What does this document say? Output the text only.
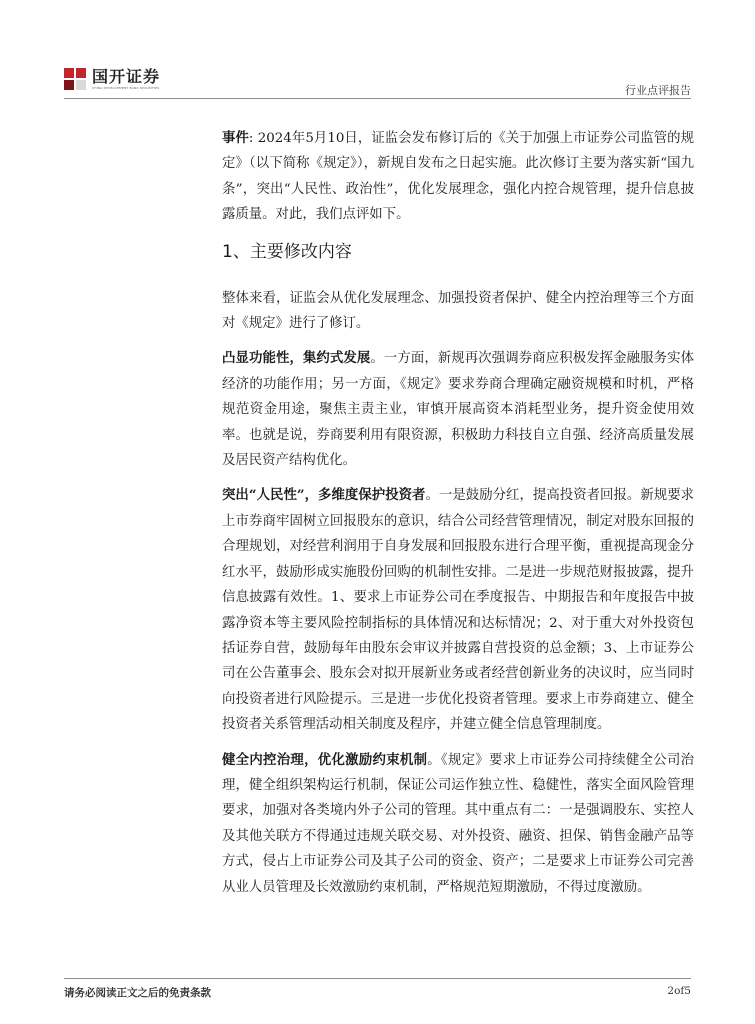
国开证券
CHINA DEVELOPMENT BANK SECURITIES	行业点评报告

事件: 2024年5月10日，证监会发布修订后的《关于加强上市证券公司监管的规定》（以下简称《规定》），新规自发布之日起实施。此次修订主要为落实新“国九条”，突出“人民性、政治性”，优化发展理念，强化内控合规管理，提升信息披露质量。对此，我们点评如下。

1、主要修改内容

整体来看，证监会从优化发展理念、加强投资者保护、健全内控治理等三个方面对《规定》进行了修订。

凸显功能性，集约式发展。一方面，新规再次强调券商应积极发挥金融服务实体经济的功能作用；另一方面，《规定》要求券商合理确定融资规模和时机，严格规范资金用途，聚焦主责主业，审慎开展高资本消耗型业务，提升资金使用效率。也就是说，券商要利用有限资源，积极助力科技自立自强、经济高质量发展及居民资产结构优化。

突出“人民性”，多维度保护投资者。一是鼓励分红，提高投资者回报。新规要求上市券商牢固树立回报股东的意识，结合公司经营管理情况，制定对股东回报的合理规划，对经营利润用于自身发展和回报股东进行合理平衡，重视提高现金分红水平，鼓励形成实施股份回购的机制性安排。二是进一步规范财报披露，提升信息披露有效性。1、要求上市证券公司在季度报告、中期报告和年度报告中披露净资本等主要风险控制指标的具体情况和达标情况；2、对于重大对外投资包括证券自营，鼓励每年由股东会审议并披露自营投资的总金额；3、上市证券公司在公告董事会、股东会对拟开展新业务或者经营创新业务的决议时，应当同时向投资者进行风险提示。三是进一步优化投资者管理。要求上市券商建立、健全投资者关系管理活动相关制度及程序，并建立健全信息管理制度。

健全内控治理，优化激励约束机制。《规定》要求上市证券公司持续健全公司治理，健全组织架构运行机制，保证公司运作独立性、稳健性，落实全面风险管理要求，加强对各类境内外子公司的管理。其中重点有二：一是强调股东、实控人及其他关联方不得通过违规关联交易、对外投资、融资、担保、销售金融产品等方式，侵占上市证券公司及其子公司的资金、资产；二是要求上市证券公司完善从业人员管理及长效激励约束机制，严格规范短期激励，不得过度激励。

请务必阅读正文之后的免责条款	2of5
